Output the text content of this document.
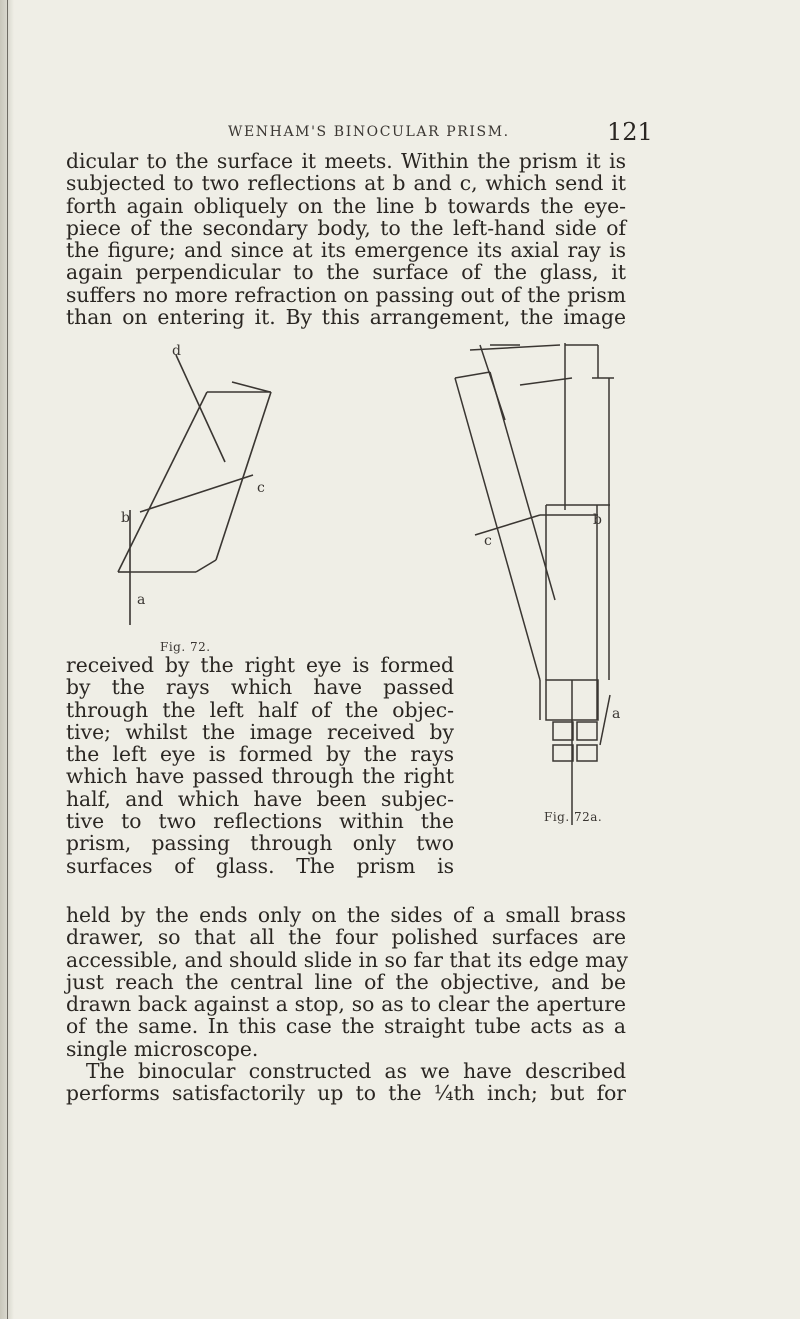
WENHAM'S BINOCULAR PRISM.	121
dicular to the surface it meets. Within the prism it is
subjected to two reflections at b and c, which send it
forth again obliquely on the line b towards the eye-
piece of the secondary body, to the left-hand side of
the figure; and since at its emergence its axial ray is
again perpendicular to the surface of the glass, it
suffers no more refraction on passing out of the prism
than on entering it. By this arrangement, the image
d
c
b
a
Fig. 72.
received by the right eye is formed
by the rays which have passed
through the left half of the objec-
tive; whilst the image received by
the left eye is formed by the rays
which have passed through the right
half, and which have been subjec-
tive to two reflections within the
prism, passing through only two
surfaces of glass. The prism is
c
b
a
Fig. 72a.
held by the ends only on the sides of a small brass
drawer, so that all the four polished surfaces are
accessible, and should slide in so far that its edge may
just reach the central line of the objective, and be
drawn back against a stop, so as to clear the aperture
of the same. In this case the straight tube acts as a
single microscope.
The binocular constructed as we have described
performs satisfactorily up to the ¼th inch; but for
